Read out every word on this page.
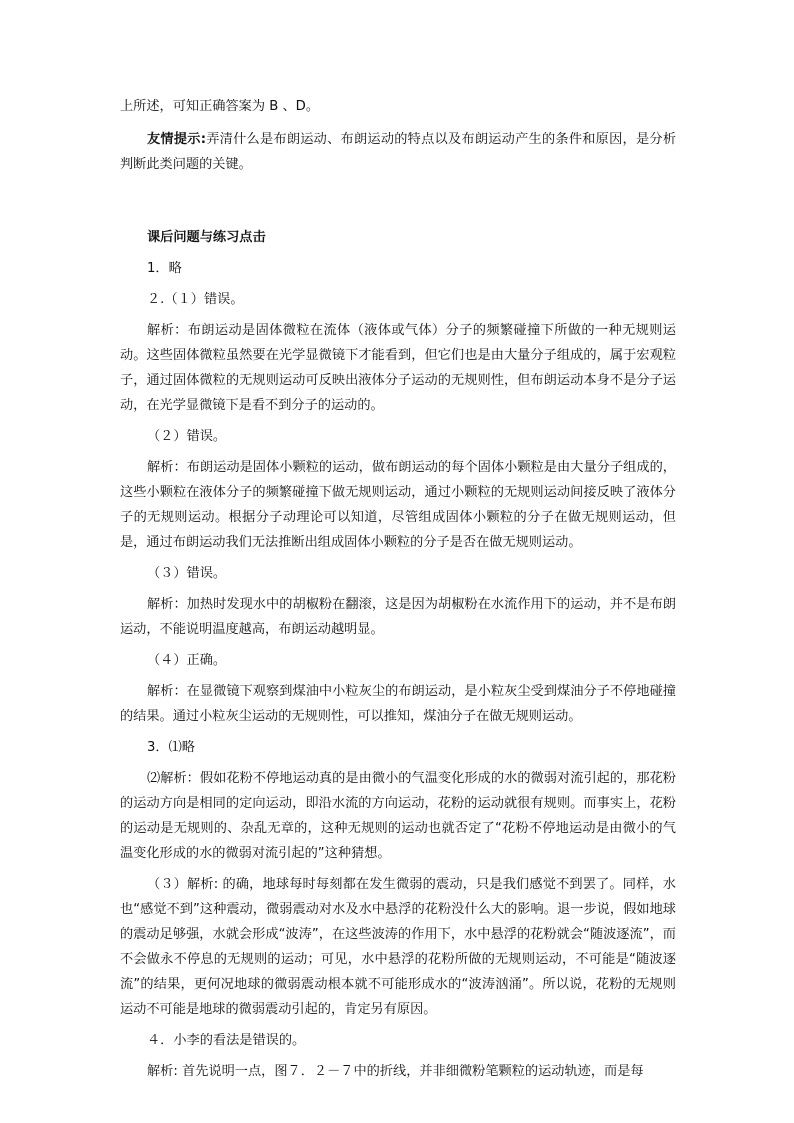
上所述，可知正确答案为 B 、D。

友情提示:弄清什么是布朗运动、布朗运动的特点以及布朗运动产生的条件和原因，是分析判断此类问题的关键。

课后问题与练习点击

1．略

２.（１）错误。

解析：布朗运动是固体微粒在流体（液体或气体）分子的频繁碰撞下所做的一种无规则运动。这些固体微粒虽然要在光学显微镜下才能看到，但它们也是由大量分子组成的，属于宏观粒子，通过固体微粒的无规则运动可反映出液体分子运动的无规则性，但布朗运动本身不是分子运动，在光学显微镜下是看不到分子的运动的。

（２）错误。

解析：布朗运动是固体小颗粒的运动，做布朗运动的每个固体小颗粒是由大量分子组成的，这些小颗粒在液体分子的频繁碰撞下做无规则运动，通过小颗粒的无规则运动间接反映了液体分子的无规则运动。根据分子动理论可以知道，尽管组成固体小颗粒的分子在做无规则运动，但是，通过布朗运动我们无法推断出组成固体小颗粒的分子是否在做无规则运动。

（３）错误。

解析：加热时发现水中的胡椒粉在翻滚，这是因为胡椒粉在水流作用下的运动，并不是布朗运动，不能说明温度越高，布朗运动越明显。

（４）正确。

解析：在显微镜下观察到煤油中小粒灰尘的布朗运动，是小粒灰尘受到煤油分子不停地碰撞的结果。通过小粒灰尘运动的无规则性，可以推知，煤油分子在做无规则运动。

3．⑴略

⑵解析：假如花粉不停地运动真的是由微小的气温变化形成的水的微弱对流引起的，那花粉的运动方向是相同的定向运动，即沿水流的方向运动，花粉的运动就很有规则。而事实上，花粉的运动是无规则的、杂乱无章的，这种无规则的运动也就否定了“花粉不停地运动是由微小的气温变化形成的水的微弱对流引起的”这种猜想。

（３）解析: 的确，地球每时每刻都在发生微弱的震动，只是我们感觉不到罢了。同样，水也“感觉不到”这种震动，微弱震动对水及水中悬浮的花粉没什么大的影响。退一步说，假如地球的震动足够强，水就会形成“波涛”，在这些波涛的作用下，水中悬浮的花粉就会“随波逐流”，而不会做永不停息的无规则的运动；可见，水中悬浮的花粉所做的无规则运动，不可能是“随波逐流”的结果，更何况地球的微弱震动根本就不可能形成水的“波涛汹涌”。所以说，花粉的无规则运动不可能是地球的微弱震动引起的，肯定另有原因。

４．小李的看法是错误的。

解析: 首先说明一点，图７．２－７中的折线，并非细微粉笔颗粒的运动轨迹，而是每
